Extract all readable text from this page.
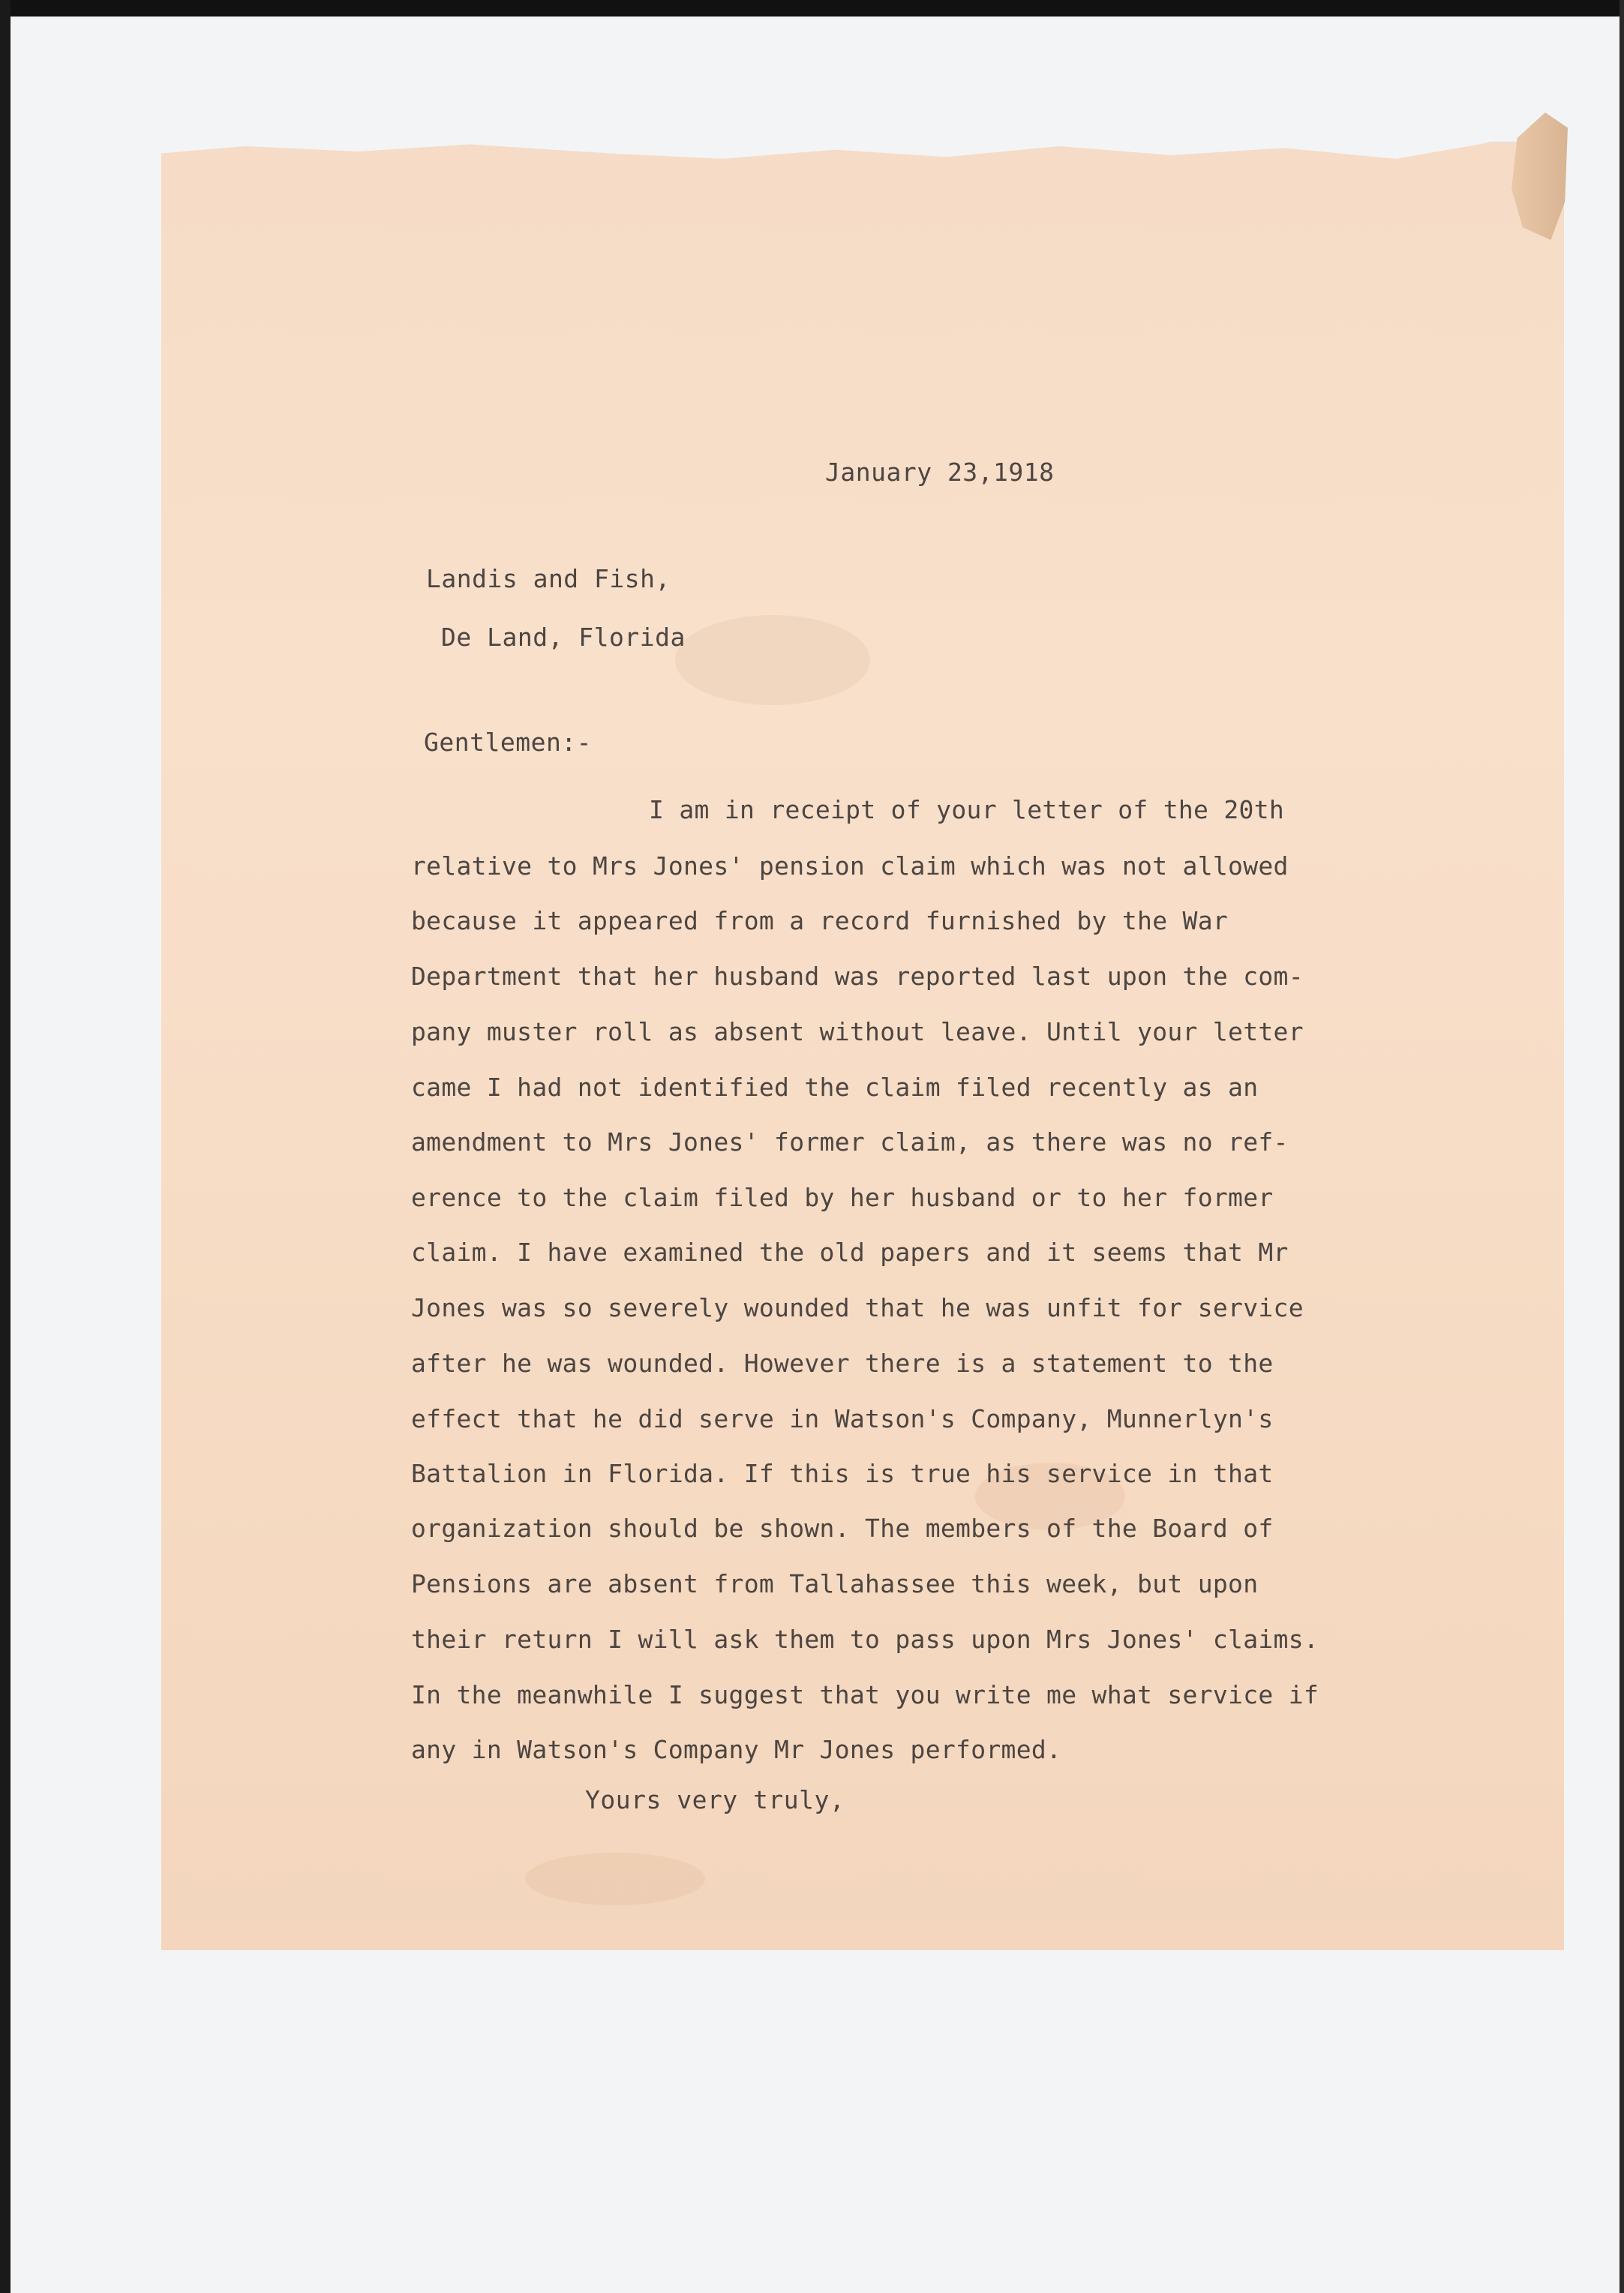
January 23,1918
Landis and Fish,
De Land, Florida
Gentlemen:-
I am in receipt of your letter of the 20th
relative to Mrs Jones' pension claim which was not allowed
because it appeared from a record furnished by the War
Department that her husband was reported last upon the com-
pany muster roll as absent without leave. Until your letter
came I had not identified the claim filed recently as an
amendment to Mrs Jones' former claim, as there was no ref-
erence to the claim filed by her husband or to her former
claim. I have examined the old papers and it seems that Mr
Jones was so severely wounded that he was unfit for service
after he was wounded. However there is a statement to the
effect that he did serve in Watson's Company, Munnerlyn's
Battalion in Florida. If this is true his service in that
organization should be shown. The members of the Board of
Pensions are absent from Tallahassee this week, but upon
their return I will ask them to pass upon Mrs Jones' claims.
In the meanwhile I suggest that you write me what service if
any in Watson's Company Mr Jones performed.
Yours very truly,
